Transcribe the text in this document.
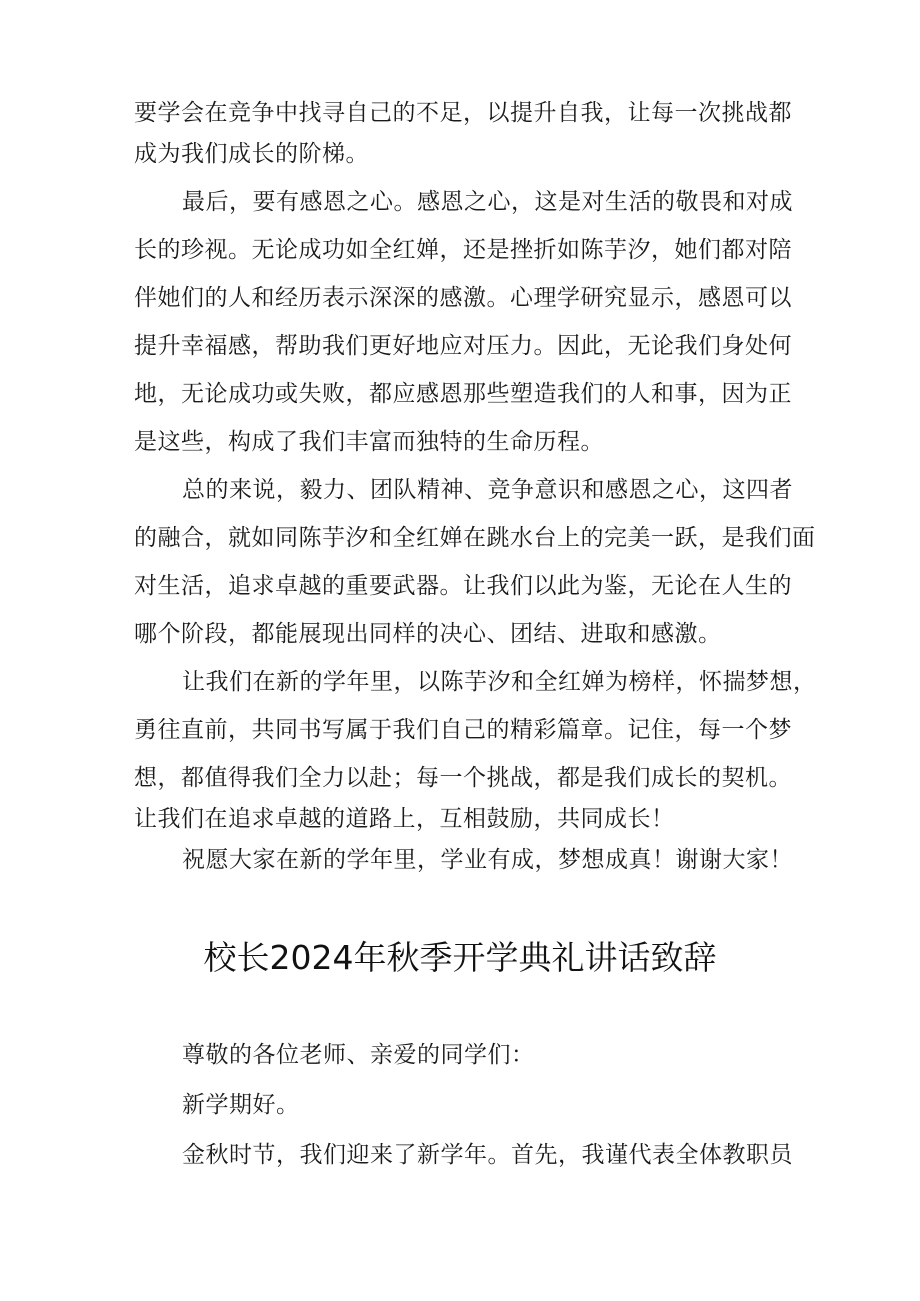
要学会在竞争中找寻自己的不足，以提升自我，让每一次挑战都
成为我们成长的阶梯。
最后，要有感恩之心。感恩之心，这是对生活的敬畏和对成
长的珍视。无论成功如全红婵，还是挫折如陈芋汐，她们都对陪
伴她们的人和经历表示深深的感激。心理学研究显示，感恩可以
提升幸福感，帮助我们更好地应对压力。因此，无论我们身处何
地，无论成功或失败，都应感恩那些塑造我们的人和事，因为正
是这些，构成了我们丰富而独特的生命历程。
总的来说，毅力、团队精神、竞争意识和感恩之心，这四者
的融合，就如同陈芋汐和全红婵在跳水台上的完美一跃，是我们面
对生活，追求卓越的重要武器。让我们以此为鉴，无论在人生的
哪个阶段，都能展现出同样的决心、团结、进取和感激。
让我们在新的学年里，以陈芋汐和全红婵为榜样，怀揣梦想，
勇往直前，共同书写属于我们自己的精彩篇章。记住，每一个梦
想，都值得我们全力以赴；每一个挑战，都是我们成长的契机。
让我们在追求卓越的道路上，互相鼓励，共同成长！
祝愿大家在新的学年里，学业有成，梦想成真！谢谢大家！
校长2024年秋季开学典礼讲话致辞
尊敬的各位老师、亲爱的同学们：
新学期好。
金秋时节，我们迎来了新学年。首先，我谨代表全体教职员
